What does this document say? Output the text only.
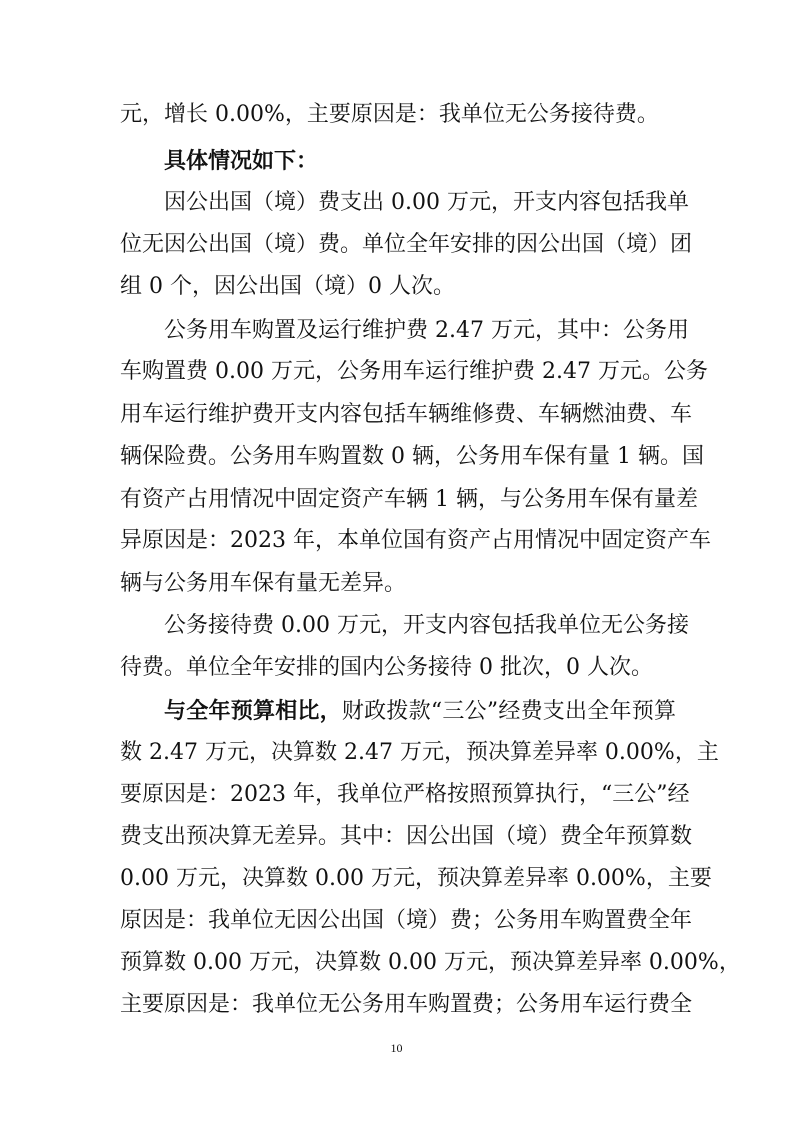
元，增长 0.00%，主要原因是：我单位无公务接待费。
具体情况如下：
因公出国（境）费支出 0.00 万元，开支内容包括我单
位无因公出国（境）费。单位全年安排的因公出国（境）团
组 0 个，因公出国（境）0 人次。
公务用车购置及运行维护费 2.47 万元，其中：公务用
车购置费 0.00 万元，公务用车运行维护费 2.47 万元。公务
用车运行维护费开支内容包括车辆维修费、车辆燃油费、车
辆保险费。公务用车购置数 0 辆，公务用车保有量 1 辆。国
有资产占用情况中固定资产车辆 1 辆，与公务用车保有量差
异原因是：2023 年，本单位国有资产占用情况中固定资产车
辆与公务用车保有量无差异。
公务接待费 0.00 万元，开支内容包括我单位无公务接
待费。单位全年安排的国内公务接待 0 批次，0 人次。
与全年预算相比，财政拨款“三公”经费支出全年预算
数 2.47 万元，决算数 2.47 万元，预决算差异率 0.00%，主
要原因是：2023 年，我单位严格按照预算执行，“三公”经
费支出预决算无差异。其中：因公出国（境）费全年预算数
0.00 万元，决算数 0.00 万元，预决算差异率 0.00%，主要
原因是：我单位无因公出国（境）费；公务用车购置费全年
预算数 0.00 万元，决算数 0.00 万元，预决算差异率 0.00%，
主要原因是：我单位无公务用车购置费；公务用车运行费全
10
